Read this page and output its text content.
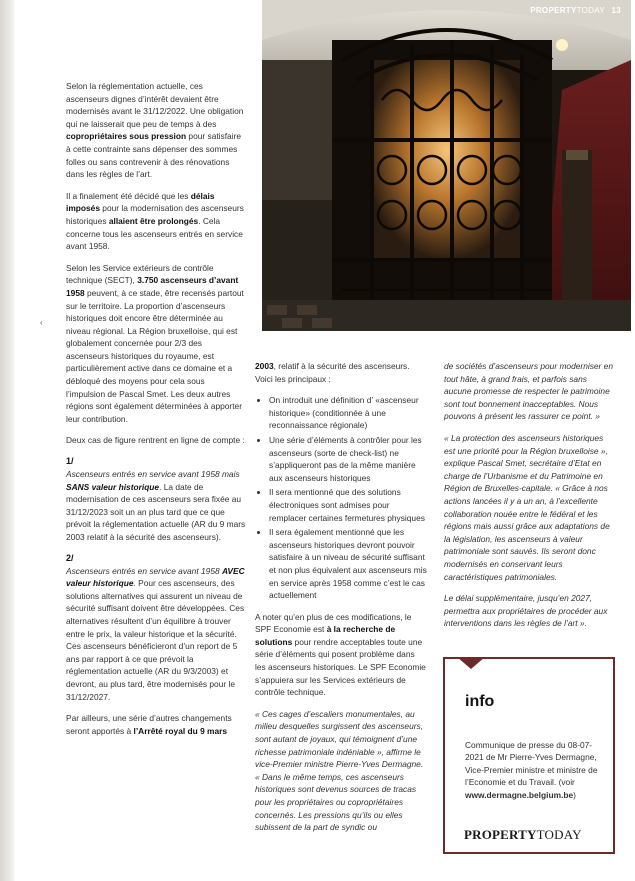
‹
PROPERTYTODAY 13

Selon la réglementation actuelle, ces ascenseurs dignes d’intérêt devaient être modernisés avant le 31/12/2022. Une obligation qui ne laisserait que peu de temps à des copropriétaires sous pression pour satisfaire à cette contrainte sans dépenser des sommes folles ou sans contrevenir à des rénovations dans les règles de l’art.

Il a finalement été décidé que les délais imposés pour la modernisation des ascenseurs historiques allaient être prolongés. Cela concerne tous les ascenseurs entrés en service avant 1958.

Selon les Service extérieurs de contrôle technique (SECT), 3.750 ascenseurs d’avant 1958 peuvent, à ce stade, être recensés partout sur le territoire. La proportion d’ascenseurs historiques doit encore être déterminée au niveau régional. La Région bruxelloise, qui est globalement concernée pour 2/3 des ascenseurs historiques du royaume, est particulièrement active dans ce domaine et a débloqué des moyens pour cela sous l’impulsion de Pascal Smet. Les deux autres régions sont également déterminées à apporter leur contribution.

Deux cas de figure rentrent en ligne de compte :

1/

Ascenseurs entrés en service avant 1958 mais SANS valeur historique. La date de modernisation de ces ascenseurs sera fixée au 31/12/2023 soit un an plus tard que ce que prévoit la réglementation actuelle (AR du 9 mars 2003 relatif à la sécurité des ascenseurs).

2/

Ascenseurs entrés en service avant 1958 AVEC valeur historique. Pour ces ascenseurs, des solutions alternatives qui assurent un niveau de sécurité suffisant doivent être développées. Ces alternatives résultent d’un équilibre à trouver entre le prix, la valeur historique et la sécurité. Ces ascenseurs bénéficieront d’un report de 5 ans par rapport à ce que prévoit la réglementation actuelle (AR du 9/3/2003) et devront, au plus tard, être modernisés pour le 31/12/2027.

Par ailleurs, une série d’autres changements seront apportés à l’Arrêté royal du 9 mars

2003, relatif à la sécurité des ascenseurs. Voici les principaux :

• On introduit une définition d’ «ascenseur historique» (conditionnée à une reconnaissance régionale)
• Une série d’éléments à contrôler pour les ascenseurs (sorte de check-list) ne s’appliqueront pas de la même manière aux ascenseurs historiques
• Il sera mentionné que des solutions électroniques sont admises pour remplacer certaines fermetures physiques
• Il sera également mentionné que les ascenseurs historiques devront pouvoir satisfaire à un niveau de sécurité suffisant et non plus équivalent aux ascenseurs mis en service après 1958 comme c’est le cas actuellement

A noter qu’en plus de ces modifications, le SPF Economie est à la recherche de solutions pour rendre acceptables toute une série d’éléments qui posent problème dans les ascenseurs historiques. Le SPF Economie s’appuiera sur les Services extérieurs de contrôle technique.

« Ces cages d’escaliers monumentales, au milieu desquelles surgissent des ascenseurs, sont autant de joyaux, qui témoignent d’une richesse patrimoniale indéniable », affirme le vice-Premier ministre Pierre-Yves Dermagne. « Dans le même temps, ces ascenseurs historiques sont devenus sources de tracas pour les propriétaires ou copropriétaires concernés. Les pressions qu’ils ou elles subissent de la part de syndic ou

de sociétés d’ascenseurs pour moderniser en tout hâte, à grand frais, et parfois sans aucune promesse de respecter le patrimoine sont tout bonnement inacceptables. Nous pouvons à présent les rassurer ce point. »

« La protection des ascenseurs historiques est une priorité pour la Région bruxelloise », explique Pascal Smet, secrétaire d’Etat en charge de l’Urbanisme et du Patrimoine en Région de Bruxelles-capitale. « Grâce à nos actions lancées il y a un an, à l’excellente collaboration nouée entre le fédéral et les régions mais aussi grâce aux adaptations de la législation, les ascenseurs à valeur patrimoniale sont sauvés. Ils seront donc modernisés en conservant leurs caractéristiques patrimoniales.

Le délai supplémentaire, jusqu’en 2027, permettra aux propriétaires de procéder aux interventions dans les règles de l’art ».

info
Communique de presse du 08-07-2021 de Mr Pierre-Yves Dermagne, Vice-Premier ministre et ministre de l’Economie et du Travail. (voir www.dermagne.belgium.be)
PROPERTYTODAY
